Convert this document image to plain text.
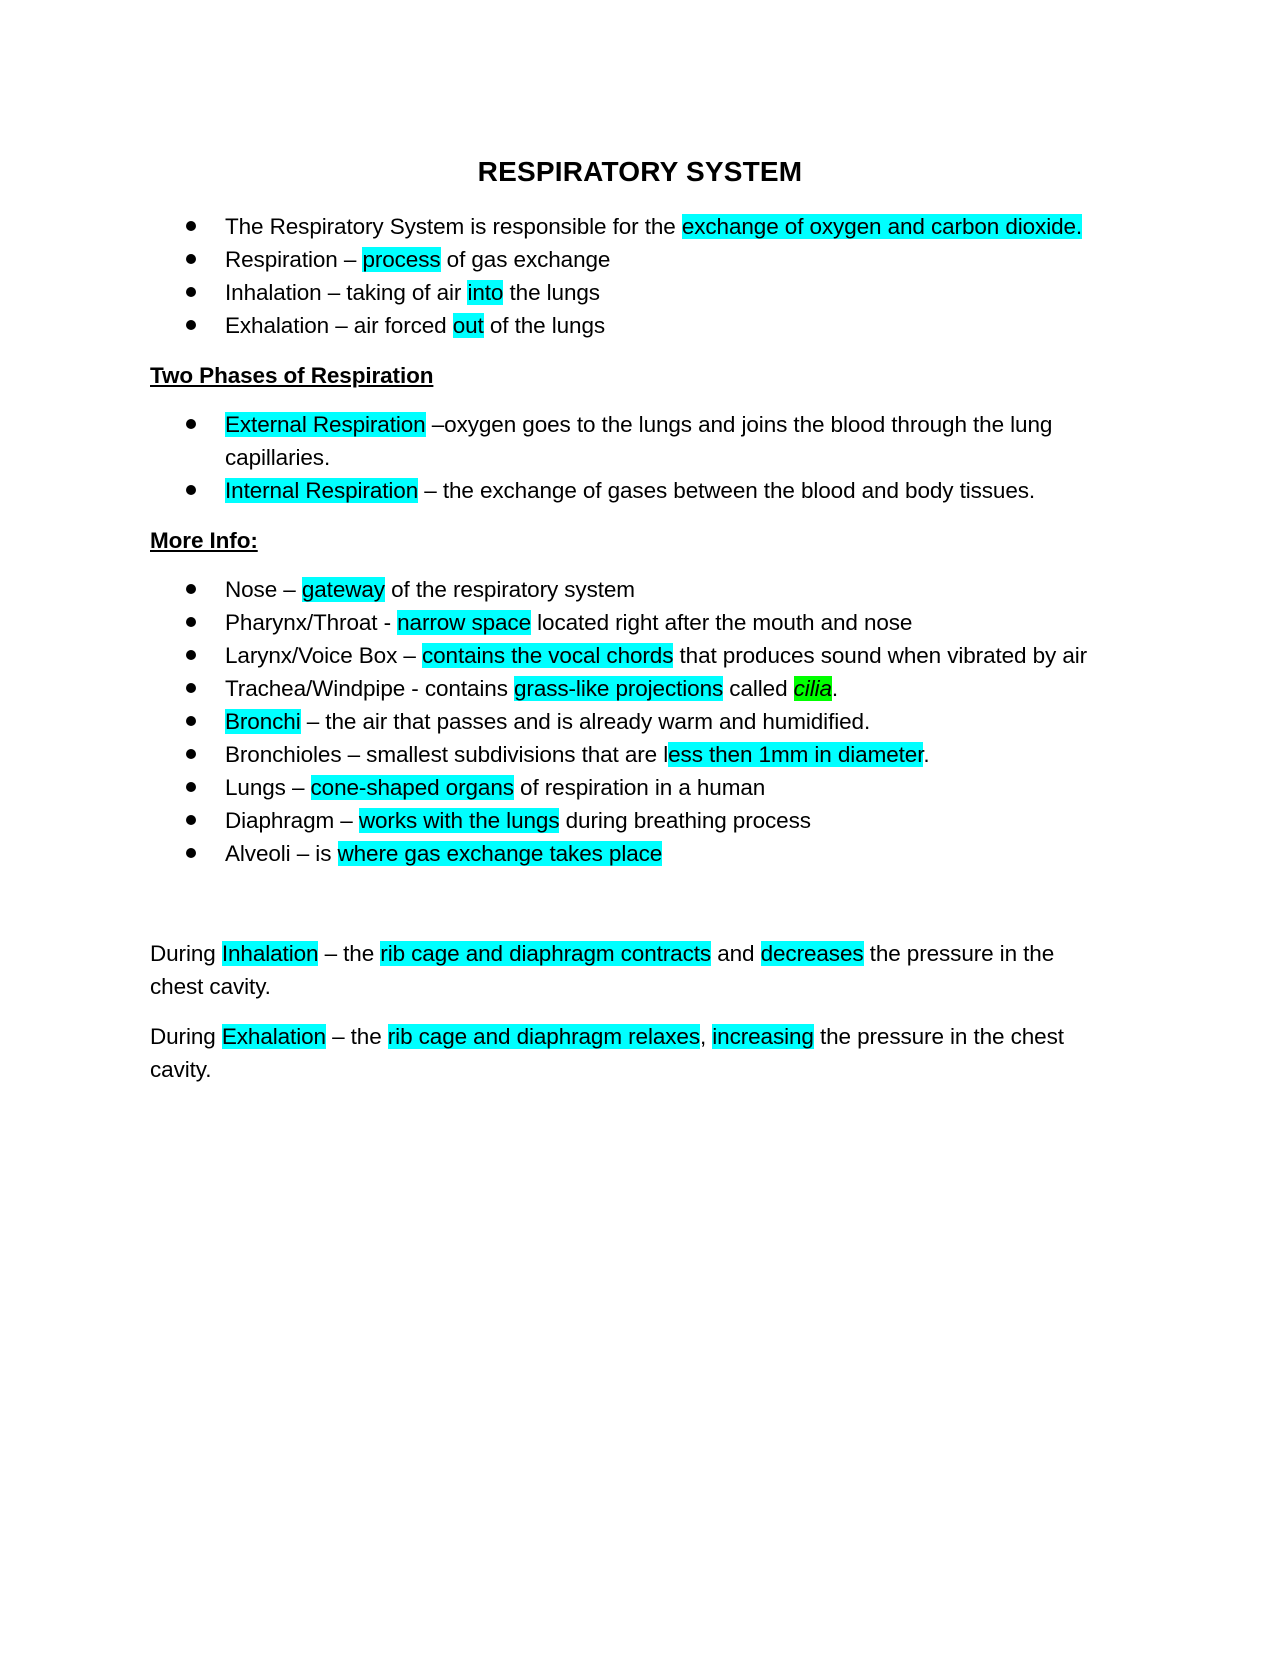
RESPIRATORY SYSTEM
The Respiratory System is responsible for the exchange of oxygen and carbon dioxide.
Respiration – process of gas exchange
Inhalation – taking of air into the lungs
Exhalation – air forced out of the lungs
Two Phases of Respiration
External Respiration –oxygen goes to the lungs and joins the blood through the lung
capillaries.
Internal Respiration – the exchange of gases between the blood and body tissues.
More Info:
Nose – gateway of the respiratory system
Pharynx/Throat - narrow space located right after the mouth and nose
Larynx/Voice Box – contains the vocal chords that produces sound when vibrated by air
Trachea/Windpipe - contains grass-like projections called cilia.
Bronchi – the air that passes and is already warm and humidified.
Bronchioles – smallest subdivisions that are less then 1mm in diameter.
Lungs – cone-shaped organs of respiration in a human
Diaphragm – works with the lungs during breathing process
Alveoli – is where gas exchange takes place
During Inhalation – the rib cage and diaphragm contracts and decreases the pressure in the
chest cavity.
During Exhalation – the rib cage and diaphragm relaxes, increasing the pressure in the chest
cavity.
